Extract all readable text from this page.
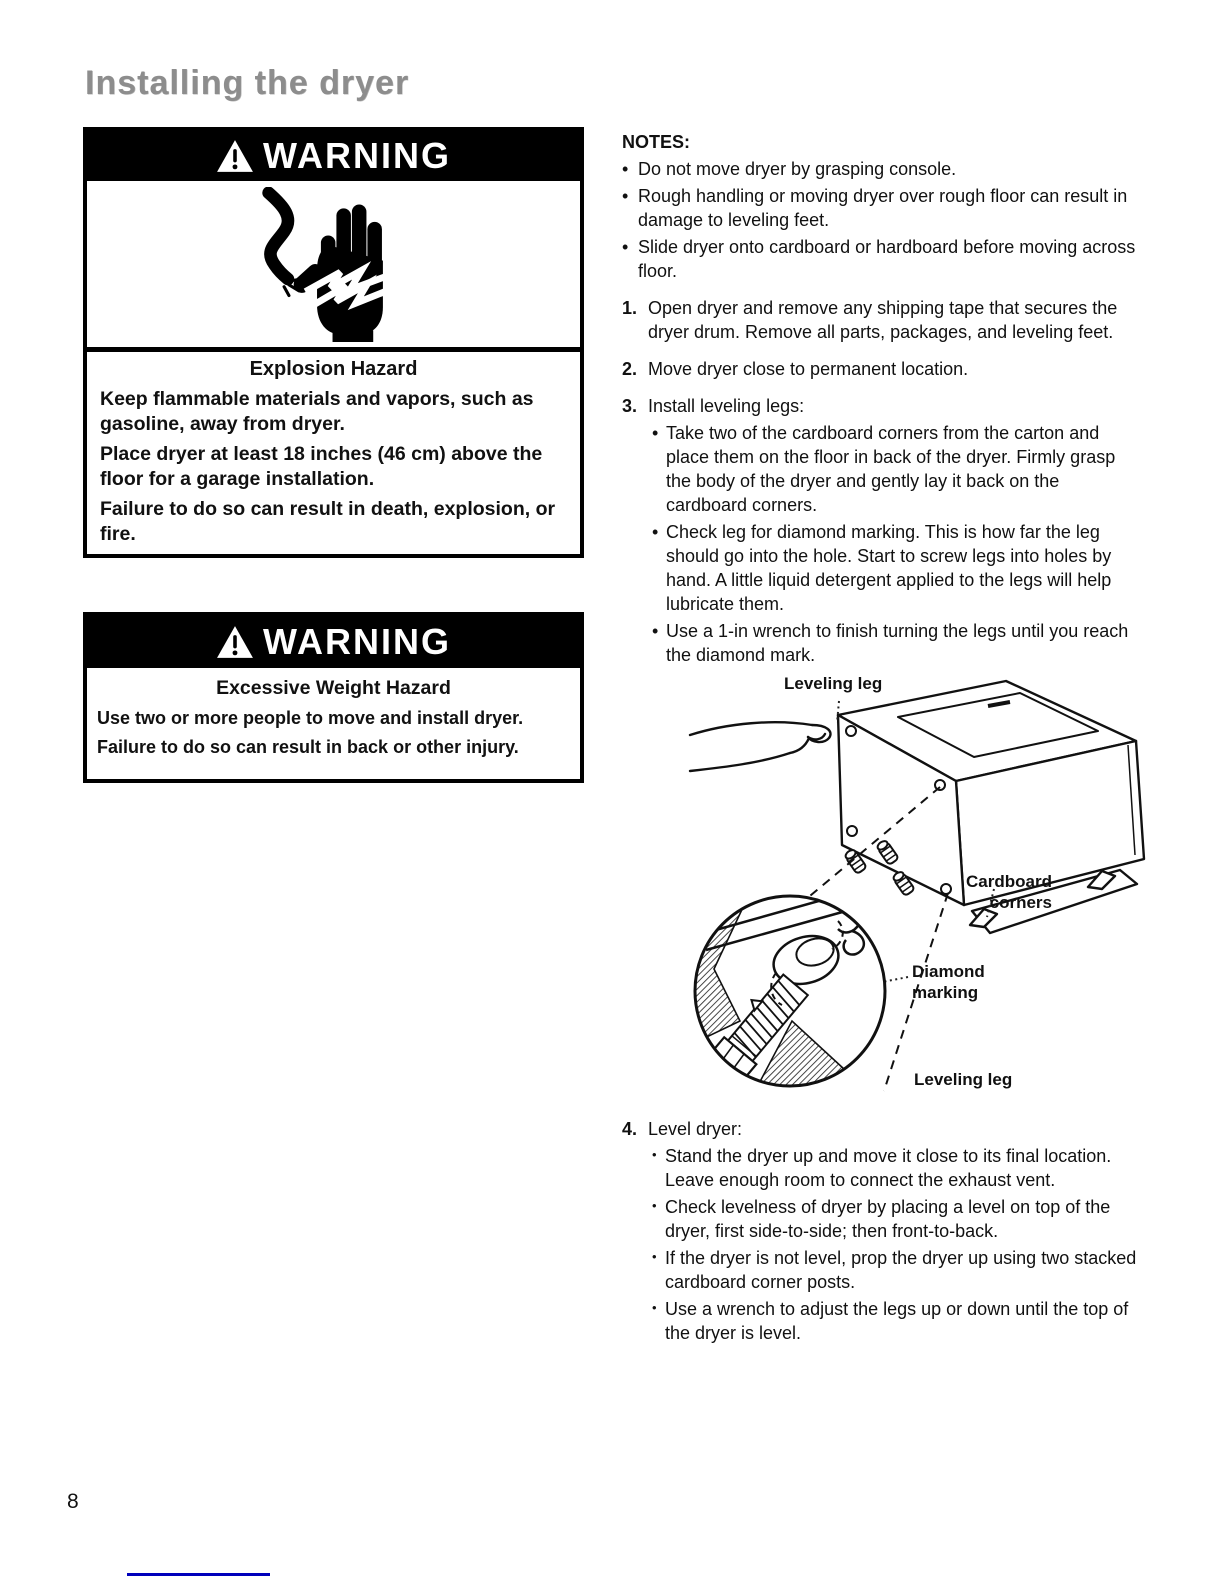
Installing the dryer
WARNING
Explosion Hazard

Keep flammable materials and vapors, such as gasoline, away from dryer.

Place dryer at least 18 inches (46 cm) above the floor for a garage installation.

Failure to do so can result in death, explosion, or fire.

WARNING
Excessive Weight Hazard

Use two or more people to move and install dryer.

Failure to do so can result in back or other injury.

NOTES:
•
Do not move dryer by grasping console.
•
Rough handling or moving dryer over rough floor can result in damage to leveling feet.
•
Slide dryer onto cardboard or hardboard before moving across floor.
1. Open dryer and remove any shipping tape that secures the dryer drum. Remove all parts, packages, and leveling feet.
2. Move dryer close to permanent location.
3. Install leveling legs:
•
Take two of the cardboard corners from the carton and place them on the floor in back of the dryer. Firmly grasp the body of the dryer and gently lay it back on the cardboard corners.
•
Check leg for diamond marking. This is how far the leg should go into the hole. Start to screw legs into holes by hand. A little liquid detergent applied to the legs will help lubricate them.
•
Use a 1-in wrench to finish turning the legs until you reach the diamond mark.
Leveling leg
Cardboard corners
Diamond marking
Leveling leg
4. Level dryer:
•
Stand the dryer up and move it close to its final location. Leave enough room to connect the exhaust vent.
•
Check levelness of dryer by placing a level on top of the dryer, first side-to-side; then front-to-back.
•
If the dryer is not level, prop the dryer up using two stacked cardboard corner posts.
•
Use a wrench to adjust the legs up or down until the top of the dryer is level.
8
